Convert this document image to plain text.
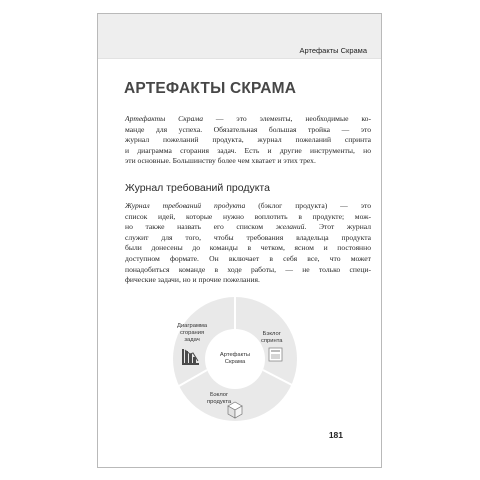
Артефакты Скрама
АРТЕФАКТЫ СКРАМА

Артефакты Скрама — это элементы, необходимые ко-
манде для успеха. Обязательная большая тройка — это
журнал пожеланий продукта, журнал пожеланий спринта
и диаграмма сгорания задач. Есть и другие инструменты, но
эти основные. Большинству более чем хватает и этих трех.

Журнал требований продукта

Журнал требований продукта (бэклог продукта) — это
список идей, которые нужно воплотить в продукте; мож-
но также назвать его списком желаний. Этот журнал
служит для того, чтобы требования владельца продукта
были донесены до команды в четком, ясном и постоянно
доступном формате. Он включает в себя все, что может
понадобиться команде в ходе работы, — не только специ-
фические задачи, но и прочие пожелания.

Диаграмма
сгорания
задач
Бэклог
спринта
Артефакты
Скрама
Бэклог
продукта
181
